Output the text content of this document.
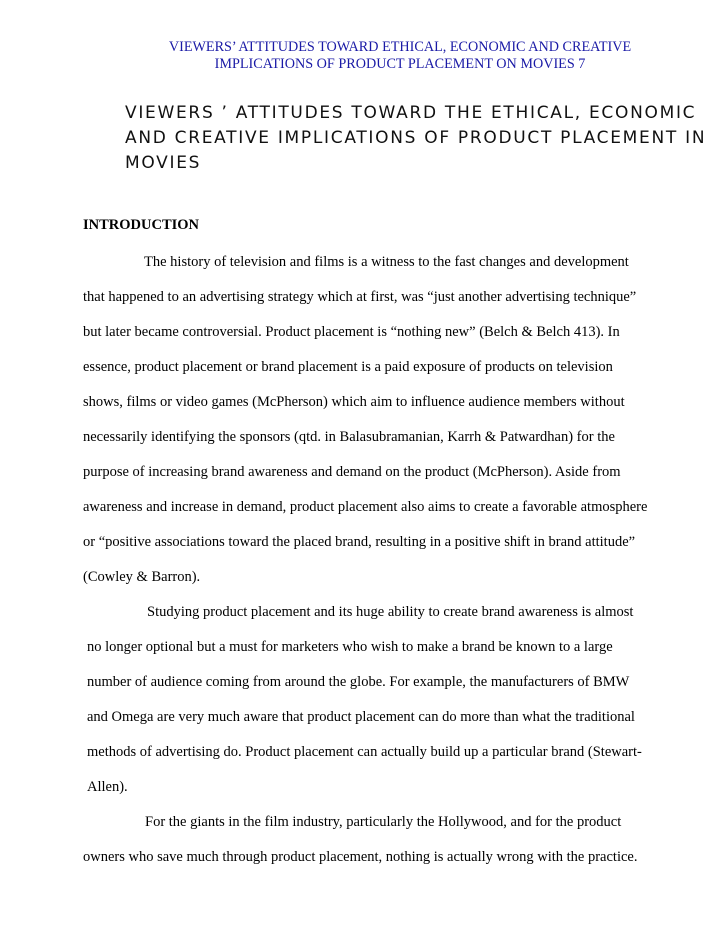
VIEWERS’ ATTITUDES TOWARD ETHICAL, ECONOMIC AND CREATIVE
IMPLICATIONS OF PRODUCT PLACEMENT ON MOVIES 7
VIEWERS ’ ATTITUDES TOWARD THE ETHICAL, ECONOMIC
AND CREATIVE IMPLICATIONS OF PRODUCT PLACEMENT IN
MOVIES
INTRODUCTION
The history of television and films is a witness to the fast changes and development
that happened to an advertising strategy which at first, was “just another advertising technique”
but later became controversial. Product placement is “nothing new” (Belch & Belch 413). In
essence, product placement or brand placement is a paid exposure of products on television
shows, films or video games (McPherson) which aim to influence audience members without
necessarily identifying the sponsors (qtd. in Balasubramanian, Karrh & Patwardhan) for the
purpose of increasing brand awareness and demand on the product (McPherson). Aside from
awareness and increase in demand, product placement also aims to create a favorable atmosphere
or “positive associations toward the placed brand, resulting in a positive shift in brand attitude”
(Cowley & Barron).
Studying product placement and its huge ability to create brand awareness is almost
no longer optional but a must for marketers who wish to make a brand be known to a large
number of audience coming from around the globe. For example, the manufacturers of BMW
and Omega are very much aware that product placement can do more than what the traditional
methods of advertising do. Product placement can actually build up a particular brand (Stewart-
Allen).
For the giants in the film industry, particularly the Hollywood, and for the product
owners who save much through product placement, nothing is actually wrong with the practice.
